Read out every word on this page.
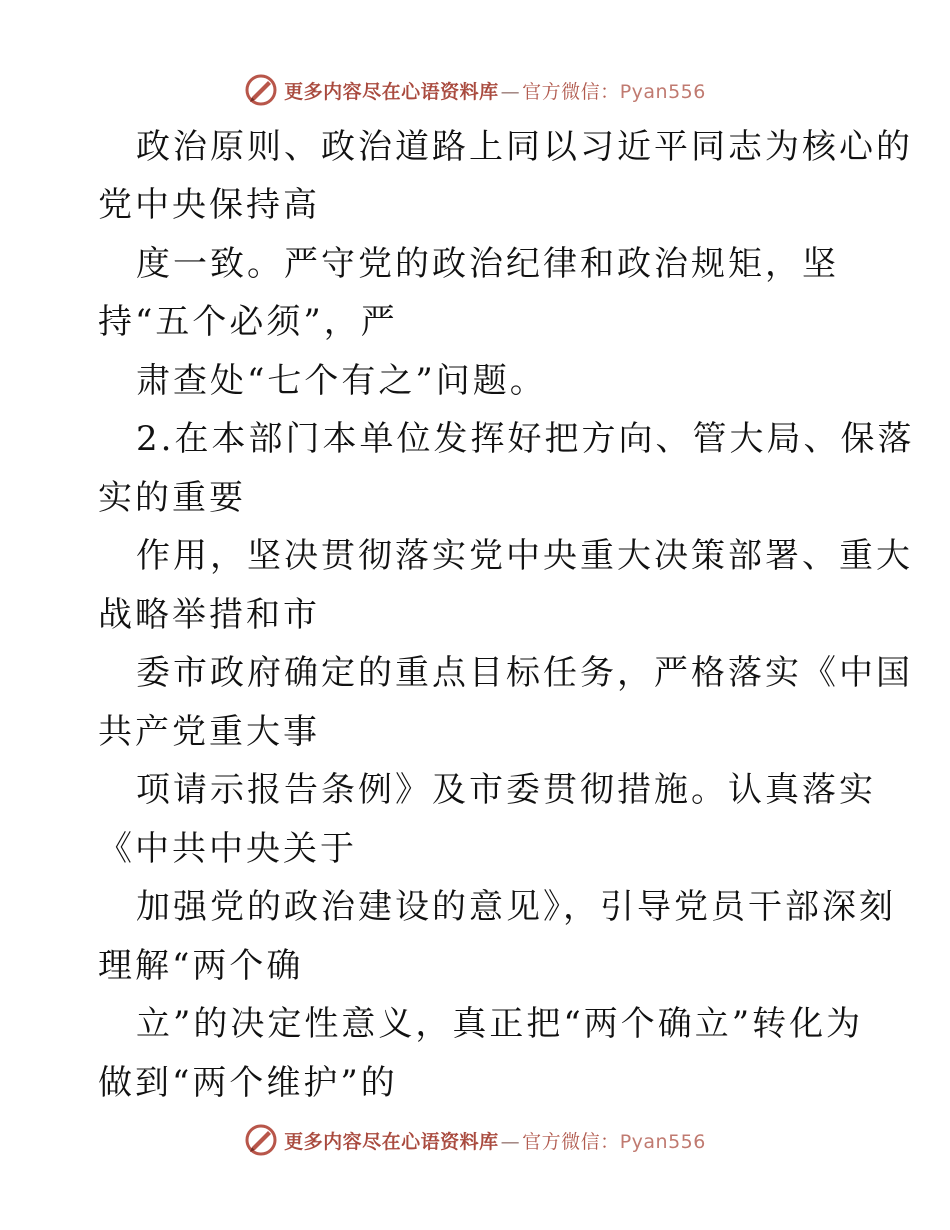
更多内容尽在心语资料库 — 官方微信：Pyan556
政治原则、政治道路上同以习近平同志为核心的
党中央保持高
度一致。严守党的政治纪律和政治规矩，坚
持“五个必须”，严
肃查处“七个有之”问题。
2.在本部门本单位发挥好把方向、管大局、保落
实的重要
作用，坚决贯彻落实党中央重大决策部署、重大
战略举措和市
委市政府确定的重点目标任务，严格落实《中国
共产党重大事
项请示报告条例》及市委贯彻措施。认真落实
《中共中央关于
加强党的政治建设的意见》，引导党员干部深刻
理解“两个确
立”的决定性意义，真正把“两个确立”转化为
做到“两个维护”的
更多内容尽在心语资料库 — 官方微信：Pyan556
